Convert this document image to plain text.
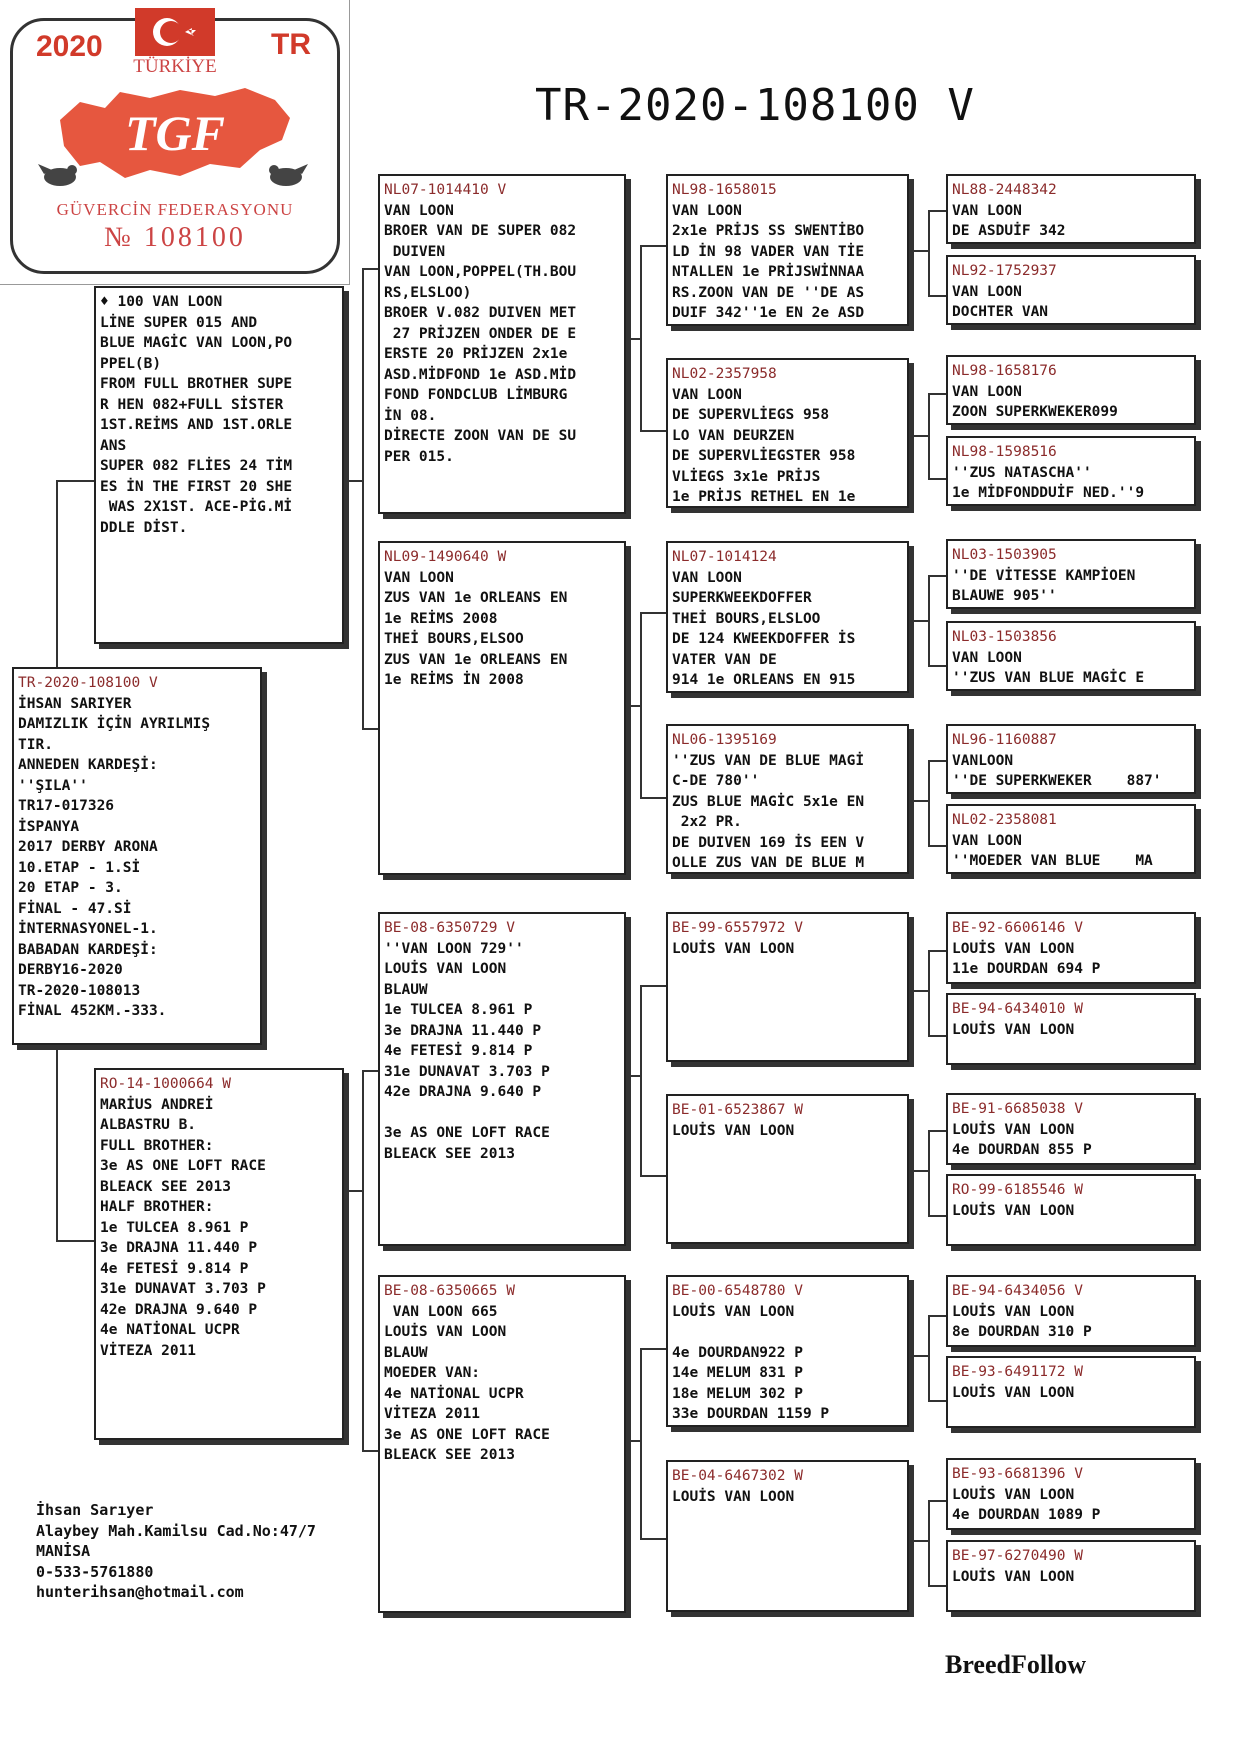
2020	TR
TÜRKİYE
TGF
GÜVERCİN FEDERASYONU
№ 108100
TR-2020-108100 V
TR-2020-108100 V
İHSAN SARIYER
DAMIZLIK İÇİN AYRILMIŞ
TIR.
ANNEDEN KARDEŞİ:
''ŞILA''
TR17-017326
İSPANYA
2017 DERBY ARONA
10.ETAP - 1.Sİ
20 ETAP - 3.
FİNAL - 47.Sİ
İNTERNASYONEL-1.
BABADAN KARDEŞİ:
DERBY16-2020
TR-2020-108013
FİNAL 452KM.-333.
♦ 100 VAN LOON
LİNE SUPER 015 AND
BLUE MAGİC VAN LOON,PO
PPEL(B)
FROM FULL BROTHER SUPE
R HEN 082+FULL SİSTER
1ST.REİMS AND 1ST.ORLE
ANS
SUPER 082 FLİES 24 TİM
ES İN THE FIRST 20 SHE
WAS 2X1ST. ACE-PİG.Mİ
DDLE DİST.
RO-14-1000664 W
MARİUS ANDREİ
ALBASTRU B.
FULL BROTHER:
3e AS ONE LOFT RACE
BLEACK SEE 2013
HALF BROTHER:
1e TULCEA 8.961 P
3e DRAJNA 11.440 P
4e FETESİ 9.814 P
31e DUNAVAT 3.703 P
42e DRAJNA 9.640 P
4e NATİONAL UCPR
VİTEZA 2011
NL07-1014410 V
VAN LOON
BROER VAN DE SUPER 082
DUIVEN
VAN LOON,POPPEL(TH.BOU
RS,ELSLOO)
BROER V.082 DUIVEN MET
27 PRİJZEN ONDER DE E
ERSTE 20 PRİJZEN 2x1e
ASD.MİDFOND 1e ASD.MİD
FOND FONDCLUB LİMBURG
İN 08.
DİRECTE ZOON VAN DE SU
PER 015.
NL09-1490640 W
VAN LOON
ZUS VAN 1e ORLEANS EN
1e REİMS 2008
THEİ BOURS,ELSOO
ZUS VAN 1e ORLEANS EN
1e REİMS İN 2008
BE-08-6350729 V
''VAN LOON 729''
LOUİS VAN LOON
BLAUW
1e TULCEA 8.961 P
3e DRAJNA 11.440 P
4e FETESİ 9.814 P
31e DUNAVAT 3.703 P
42e DRAJNA 9.640 P

3e AS ONE LOFT RACE
BLEACK SEE 2013
BE-08-6350665 W
VAN LOON 665
LOUİS VAN LOON
BLAUW
MOEDER VAN:
4e NATİONAL UCPR
VİTEZA 2011
3e AS ONE LOFT RACE
BLEACK SEE 2013
NL98-1658015
VAN LOON
2x1e PRİJS SS SWENTİBO
LD İN 98 VADER VAN TİE
NTALLEN 1e PRİJSWİNNAA
RS.ZOON VAN DE ''DE AS
DUIF 342''1e EN 2e ASD
NL02-2357958
VAN LOON
DE SUPERVLİEGS 958
LO VAN DEURZEN
DE SUPERVLİEGSTER 958
VLİEGS 3x1e PRİJS
1e PRİJS RETHEL EN 1e
NL07-1014124
VAN LOON
SUPERKWEEKDOFFER
THEİ BOURS,ELSLOO
DE 124 KWEEKDOFFER İS
VATER VAN DE
914 1e ORLEANS EN 915
NL06-1395169
''ZUS VAN DE BLUE MAGİ
C-DE 780''
ZUS BLUE MAGİC 5x1e EN
2x2 PR.
DE DUIVEN 169 İS EEN V
OLLE ZUS VAN DE BLUE M
BE-99-6557972 V
LOUİS VAN LOON
BE-01-6523867 W
LOUİS VAN LOON
BE-00-6548780 V
LOUİS VAN LOON

4e DOURDAN922 P
14e MELUM 831 P
18e MELUM 302 P
33e DOURDAN 1159 P
BE-04-6467302 W
LOUİS VAN LOON
NL88-2448342
VAN LOON
DE ASDUİF 342
NL92-1752937
VAN LOON
DOCHTER VAN
NL98-1658176
VAN LOON
ZOON SUPERKWEKER099
NL98-1598516
''ZUS NATASCHA''
1e MİDFONDDUİF NED.''9
NL03-1503905
''DE VİTESSE KAMPİOEN
BLAUWE 905''
NL03-1503856
VAN LOON
''ZUS VAN BLUE MAGİC E
NL96-1160887
VANLOON
''DE SUPERKWEKER    887'
NL02-2358081
VAN LOON
''MOEDER VAN BLUE    MA
BE-92-6606146 V
LOUİS VAN LOON
11e DOURDAN 694 P
BE-94-6434010 W
LOUİS VAN LOON
BE-91-6685038 V
LOUİS VAN LOON
4e DOURDAN 855 P
RO-99-6185546 W
LOUİS VAN LOON
BE-94-6434056 V
LOUİS VAN LOON
8e DOURDAN 310 P
BE-93-6491172 W
LOUİS VAN LOON
BE-93-6681396 V
LOUİS VAN LOON
4e DOURDAN 1089 P
BE-97-6270490 W
LOUİS VAN LOON
İhsan Sarıyer
Alaybey Mah.Kamilsu Cad.No:47/7
MANİSA
0-533-5761880
hunterihsan@hotmail.com
BreedFollow
